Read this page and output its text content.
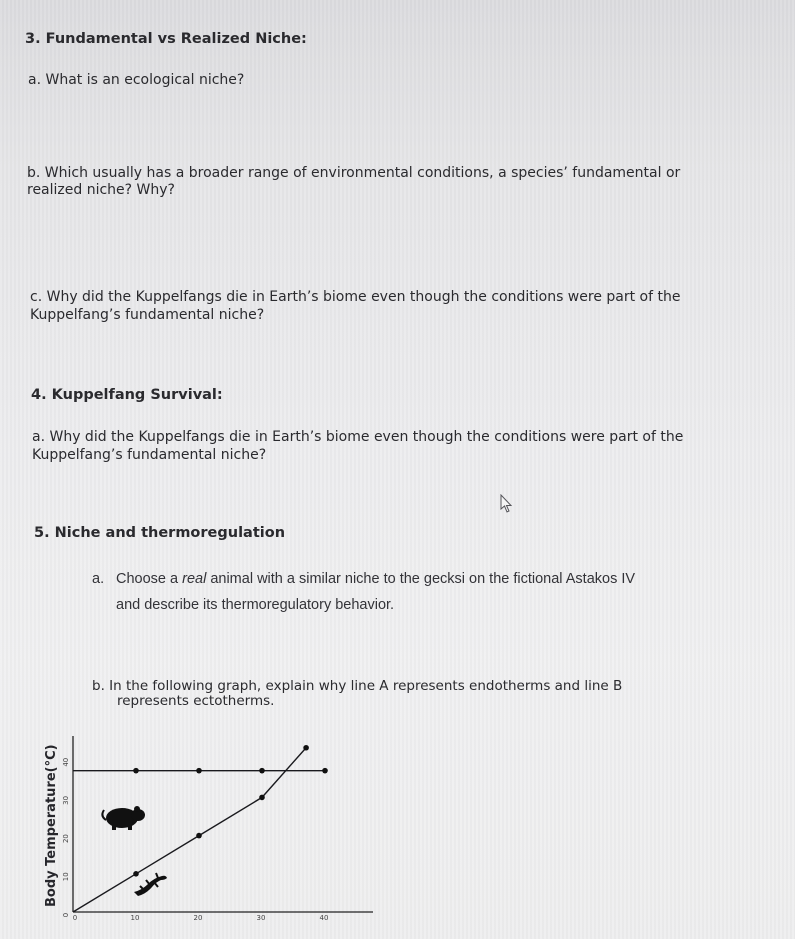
3. Fundamental vs Realized Niche:
a. What is an ecological niche?
b. Which usually has a broader range of environmental conditions, a species’ fundamental or
realized niche? Why?
c. Why did the Kuppelfangs die in Earth’s biome even though the conditions were part of the
Kuppelfang’s fundamental niche?
4. Kuppelfang Survival:
a. Why did the Kuppelfangs die in Earth’s biome even though the conditions were part of the
Kuppelfang’s fundamental niche?
5. Niche and thermoregulation
a. Choose a real animal with a similar niche to the gecksi on the fictional Astakos IV
and describe its thermoregulatory behavior.
b. In the following graph, explain why line A represents endotherms and line B
represents ectotherms.
Body Temperature(°C)
0	10	20	30	40
0
10
20
30
40
